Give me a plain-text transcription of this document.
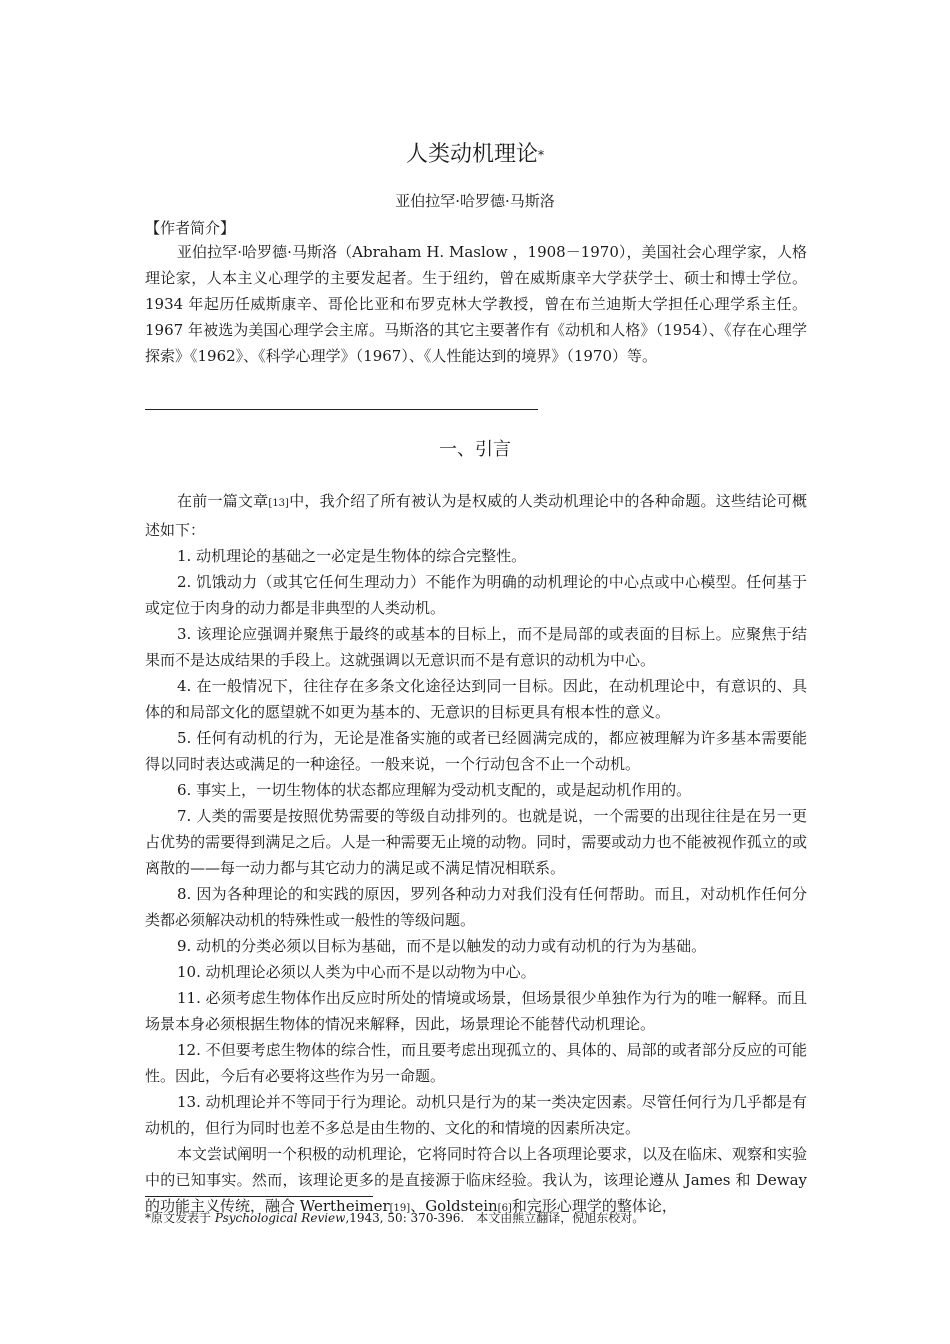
人类动机理论*
亚伯拉罕·哈罗德·马斯洛
【作者简介】
亚伯拉罕·哈罗德·马斯洛（Abraham H. Maslow ，1908－1970），美国社会心理学家，人格理论家，人本主义心理学的主要发起者。生于纽约，曾在威斯康辛大学获学士、硕士和博士学位。1934 年起历任威斯康辛、哥伦比亚和布罗克林大学教授，曾在布兰迪斯大学担任心理学系主任。1967 年被选为美国心理学会主席。马斯洛的其它主要著作有《动机和人格》（1954）、《存在心理学探索》《1962》、《科学心理学》（1967）、《人性能达到的境界》（1970）等。
一、引言

在前一篇文章[13]中，我介绍了所有被认为是权威的人类动机理论中的各种命题。这些结论可概述如下：

1. 动机理论的基础之一必定是生物体的综合完整性。

2. 饥饿动力（或其它任何生理动力）不能作为明确的动机理论的中心点或中心模型。任何基于或定位于肉身的动力都是非典型的人类动机。

3. 该理论应强调并聚焦于最终的或基本的目标上，而不是局部的或表面的目标上。应聚焦于结果而不是达成结果的手段上。这就强调以无意识而不是有意识的动机为中心。

4. 在一般情况下，往往存在多条文化途径达到同一目标。因此，在动机理论中，有意识的、具体的和局部文化的愿望就不如更为基本的、无意识的目标更具有根本性的意义。

5. 任何有动机的行为，无论是准备实施的或者已经圆满完成的，都应被理解为许多基本需要能得以同时表达或满足的一种途径。一般来说，一个行动包含不止一个动机。

6. 事实上，一切生物体的状态都应理解为受动机支配的，或是起动机作用的。

7. 人类的需要是按照优势需要的等级自动排列的。也就是说，一个需要的出现往往是在另一更占优势的需要得到满足之后。人是一种需要无止境的动物。同时，需要或动力也不能被视作孤立的或离散的——每一动力都与其它动力的满足或不满足情况相联系。

8. 因为各种理论的和实践的原因，罗列各种动力对我们没有任何帮助。而且，对动机作任何分类都必须解决动机的特殊性或一般性的等级问题。

9. 动机的分类必须以目标为基础，而不是以触发的动力或有动机的行为为基础。

10. 动机理论必须以人类为中心而不是以动物为中心。

11. 必须考虑生物体作出反应时所处的情境或场景，但场景很少单独作为行为的唯一解释。而且场景本身必须根据生物体的情况来解释，因此，场景理论不能替代动机理论。

12. 不但要考虑生物体的综合性，而且要考虑出现孤立的、具体的、局部的或者部分反应的可能性。因此，今后有必要将这些作为另一命题。

13. 动机理论并不等同于行为理论。动机只是行为的某一类决定因素。尽管任何行为几乎都是有动机的，但行为同时也差不多总是由生物的、文化的和情境的因素所决定。

本文尝试阐明一个积极的动机理论，它将同时符合以上各项理论要求，以及在临床、观察和实验中的已知事实。然而，该理论更多的是直接源于临床经验。我认为，该理论遵从 James 和 Deway 的功能主义传统，融合 Wertheimer[19]、Goldstein[6]和完形心理学的整体论，

*原文发表于 Psychological Review,1943, 50: 370-396.　本文由熊立翻译，倪旭东校对。
